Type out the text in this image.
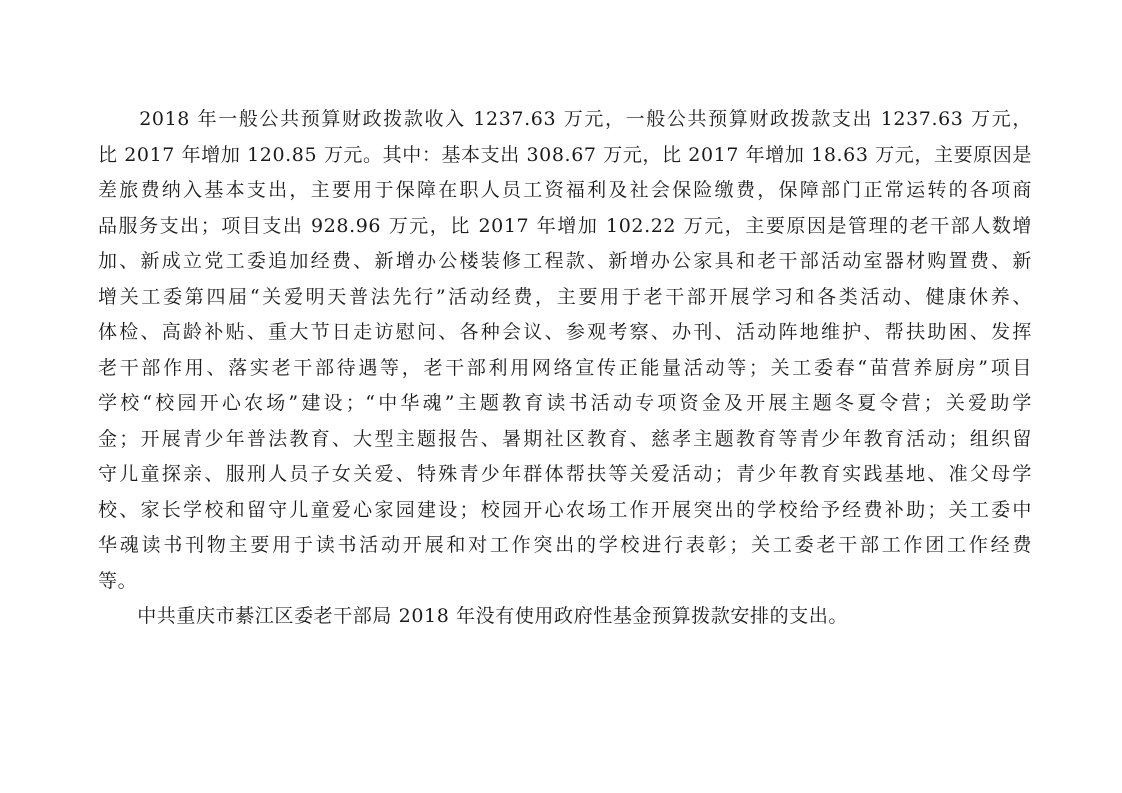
　　2018 年一般公共预算财政拨款收入 1237.63 万元，一般公共预算财政拨款支出 1237.63 万元，
比 2017 年增加 120.85 万元。其中：基本支出 308.67 万元，比 2017 年增加 18.63 万元，主要原因是
差旅费纳入基本支出，主要用于保障在职人员工资福利及社会保险缴费，保障部门正常运转的各项商
品服务支出；项目支出 928.96 万元，比 2017 年增加 102.22 万元，主要原因是管理的老干部人数增
加、新成立党工委追加经费、新增办公楼装修工程款、新增办公家具和老干部活动室器材购置费、新
增关工委第四届“关爱明天普法先行”活动经费，主要用于老干部开展学习和各类活动、健康休养、
体检、高龄补贴、重大节日走访慰问、各种会议、参观考察、办刊、活动阵地维护、帮扶助困、发挥
老干部作用、落实老干部待遇等，老干部利用网络宣传正能量活动等；关工委春“苗营养厨房”项目
学校“校园开心农场”建设；“中华魂”主题教育读书活动专项资金及开展主题冬夏令营；关爱助学
金；开展青少年普法教育、大型主题报告、暑期社区教育、慈孝主题教育等青少年教育活动；组织留
守儿童探亲、服刑人员子女关爱、特殊青少年群体帮扶等关爱活动；青少年教育实践基地、准父母学
校、家长学校和留守儿童爱心家园建设；校园开心农场工作开展突出的学校给予经费补助；关工委中
华魂读书刊物主要用于读书活动开展和对工作突出的学校进行表彰；关工委老干部工作团工作经费
等。
　　中共重庆市綦江区委老干部局 2018 年没有使用政府性基金预算拨款安排的支出。
